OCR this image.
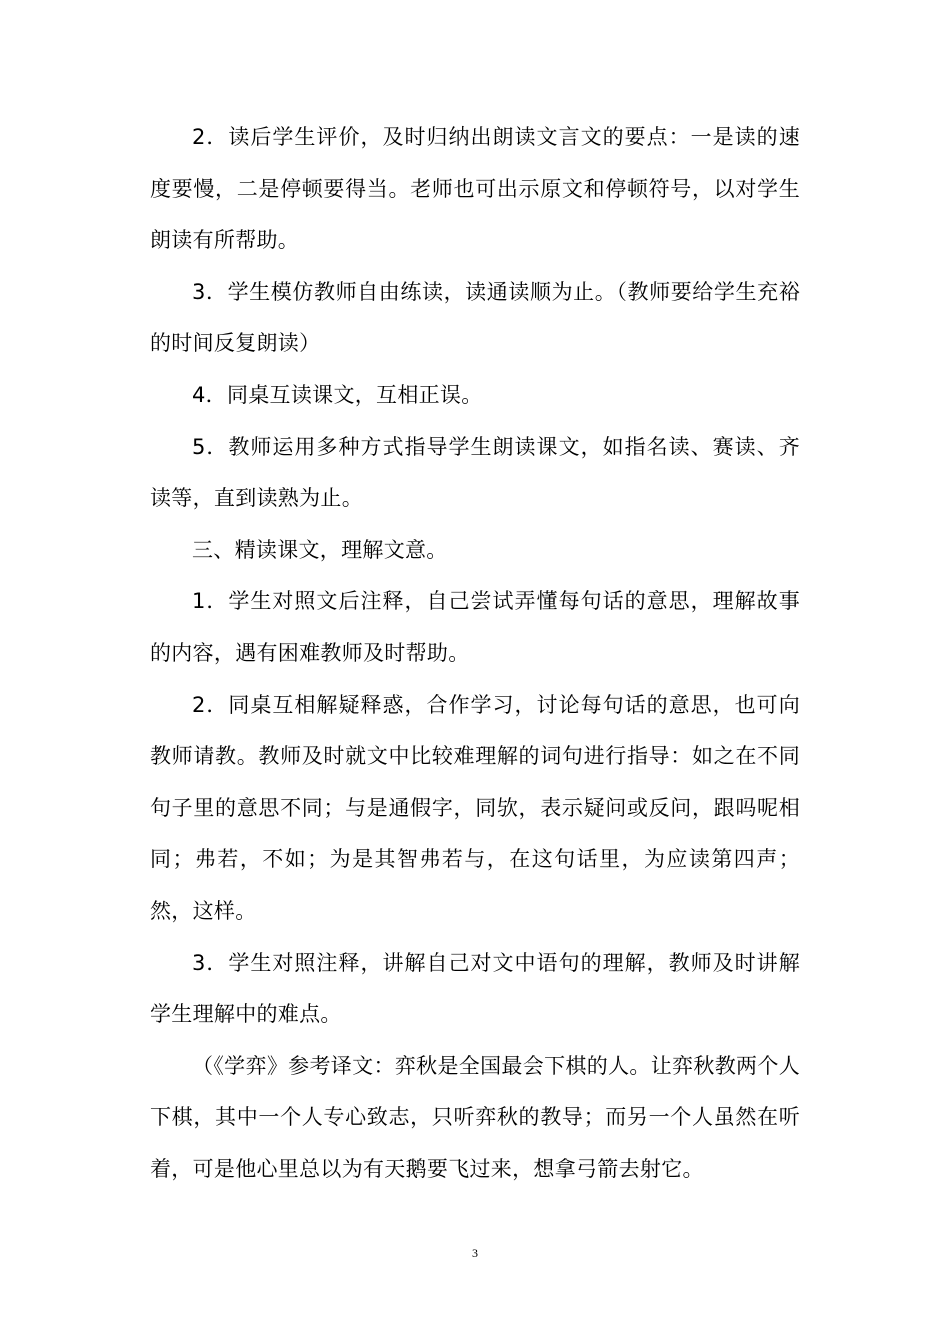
2．读后学生评价，及时归纳出朗读文言文的要点：一是读的速度要慢，二是停顿要得当。老师也可出示原文和停顿符号，以对学生朗读有所帮助。

3．学生模仿教师自由练读，读通读顺为止。（教师要给学生充裕的时间反复朗读）

4．同桌互读课文，互相正误。

5．教师运用多种方式指导学生朗读课文，如指名读、赛读、齐读等，直到读熟为止。

三、精读课文，理解文意。

1．学生对照文后注释，自己尝试弄懂每句话的意思，理解故事的内容，遇有困难教师及时帮助。

2．同桌互相解疑释惑，合作学习，讨论每句话的意思，也可向教师请教。教师及时就文中比较难理解的词句进行指导：如之在不同句子里的意思不同；与是通假字，同欤，表示疑问或反问，跟吗呢相同；弗若，不如；为是其智弗若与，在这句话里，为应读第四声；然，这样。

3．学生对照注释，讲解自己对文中语句的理解，教师及时讲解学生理解中的难点。

（《学弈》参考译文：弈秋是全国最会下棋的人。让弈秋教两个人下棋，其中一个人专心致志，只听弈秋的教导；而另一个人虽然在听着，可是他心里总以为有天鹅要飞过来，想拿弓箭去射它。

3
